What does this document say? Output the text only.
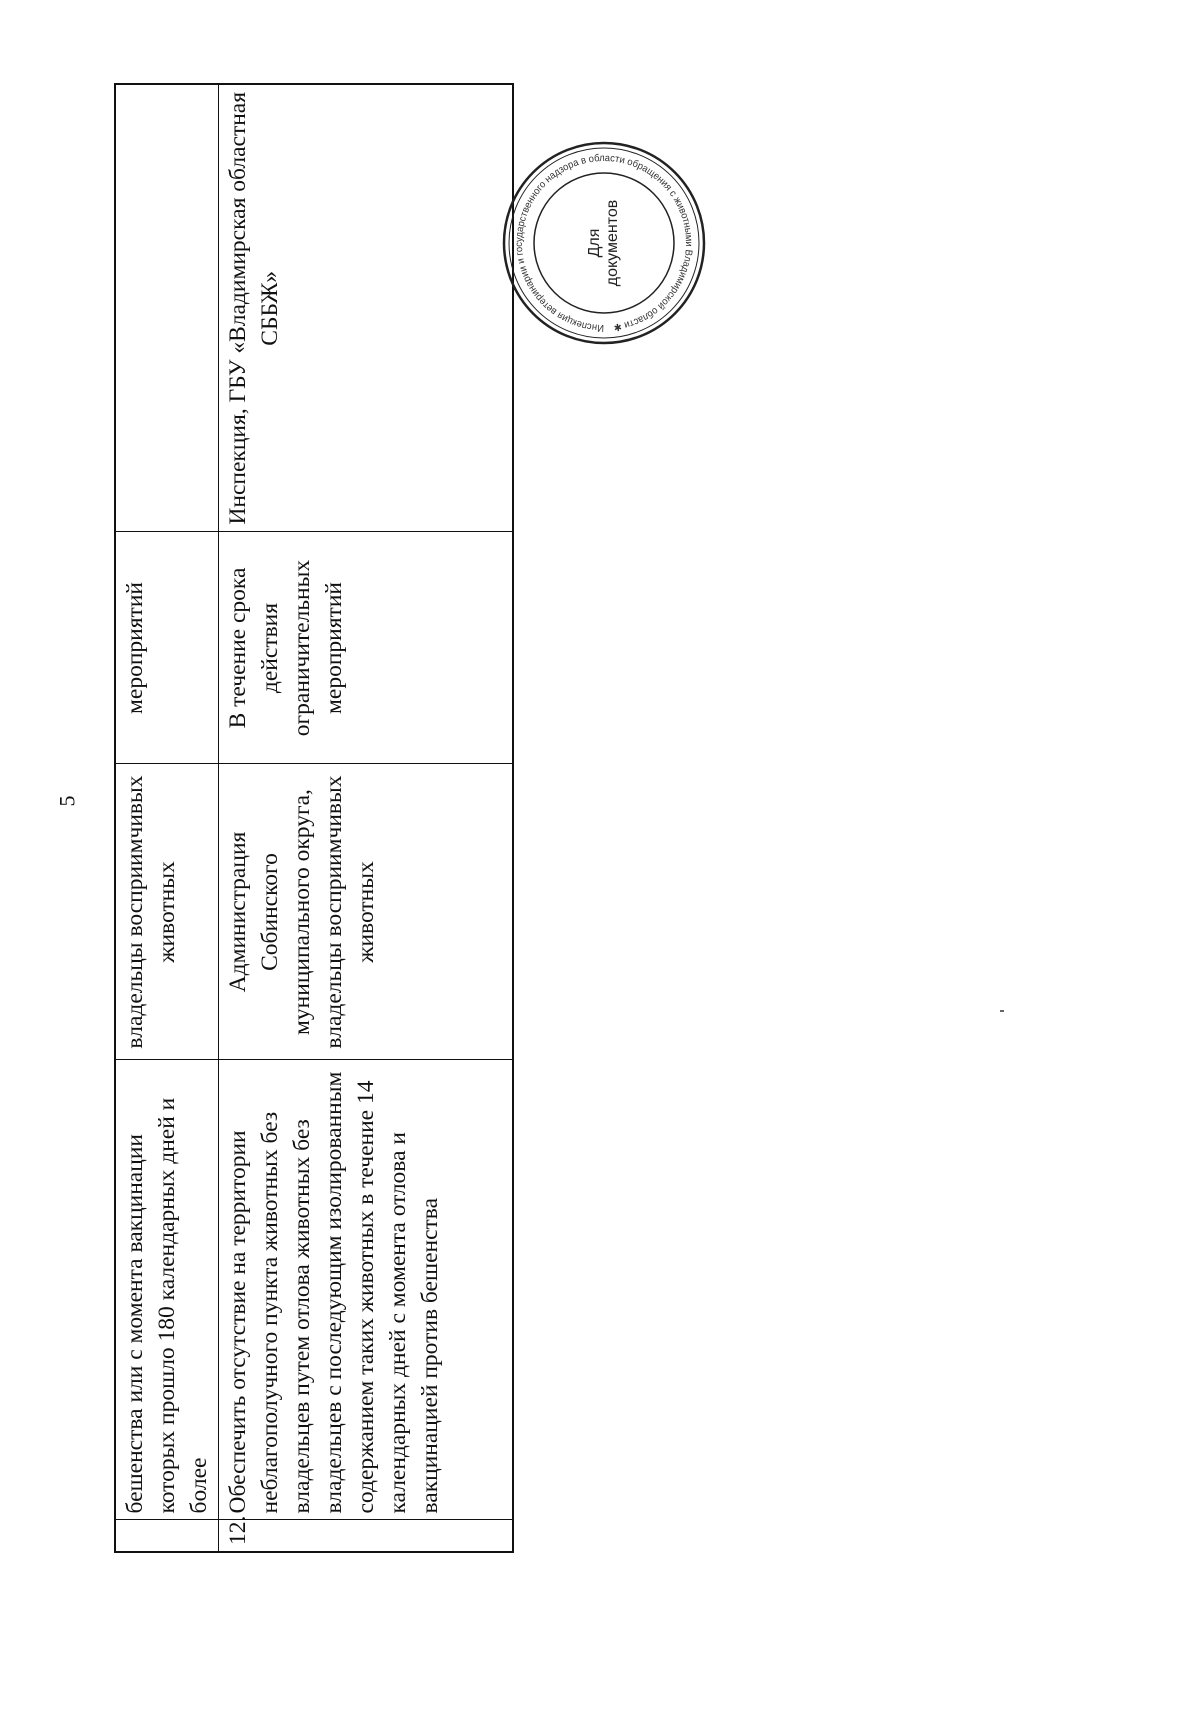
5
	бешенства или с момента вакцинации которых прошло 180 календарных дней и более	владельцы восприимчивых животных	мероприятий	
12.	Обеспечить отсутствие на территории неблагополучного пункта животных без владельцев путем отлова животных без владельцев с последующим изолированным содержанием таких животных в течение 14 календарных дней с момента отлова и вакцинацией против бешенства	Администрация Собинского муниципального округа, владельцы восприимчивых животных	В течение срока действия ограничительных мероприятий	Инспекция, ГБУ «Владимирская областная СББЖ»	Инспекция ветеринарии и государственного надзора в области обращения с животными Владимирской области ✱
Для документов
